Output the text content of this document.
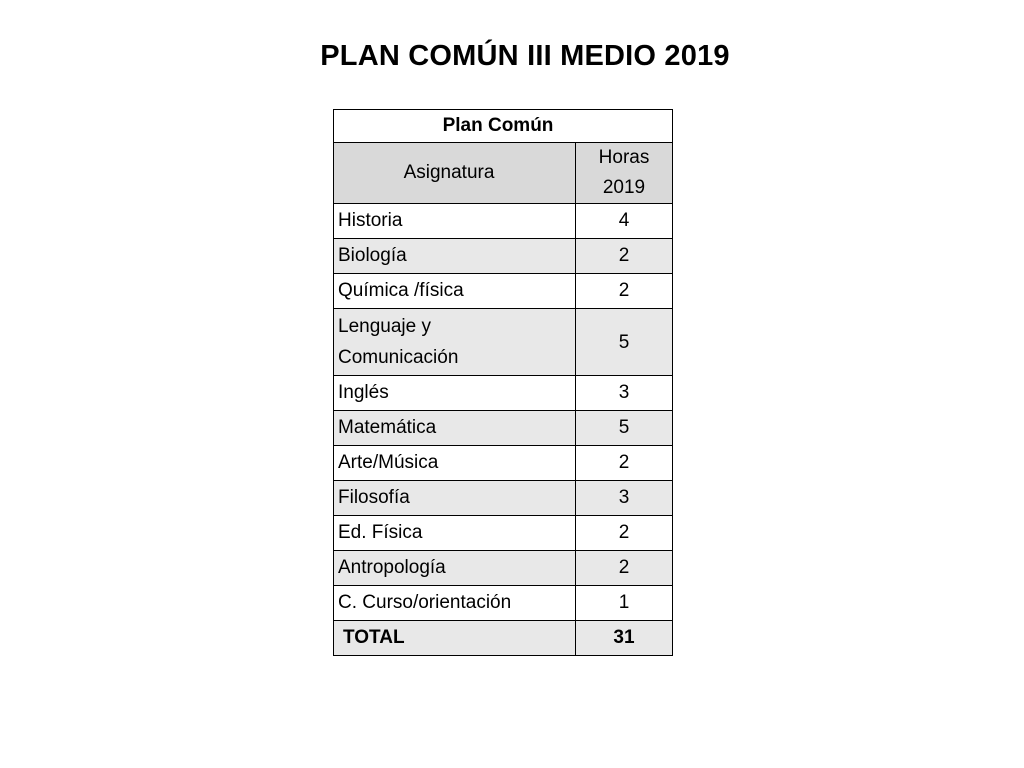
PLAN COMÚN III MEDIO 2019
Plan Común	
Asignatura	Horas
2019
Historia	4
Biología	2
Química /física	2
Lenguaje y
Comunicación	5
Inglés	3
Matemática	5
Arte/Música	2
Filosofía	3
Ed. Física	2
Antropología	2
C. Curso/orientación	1
TOTAL	31
